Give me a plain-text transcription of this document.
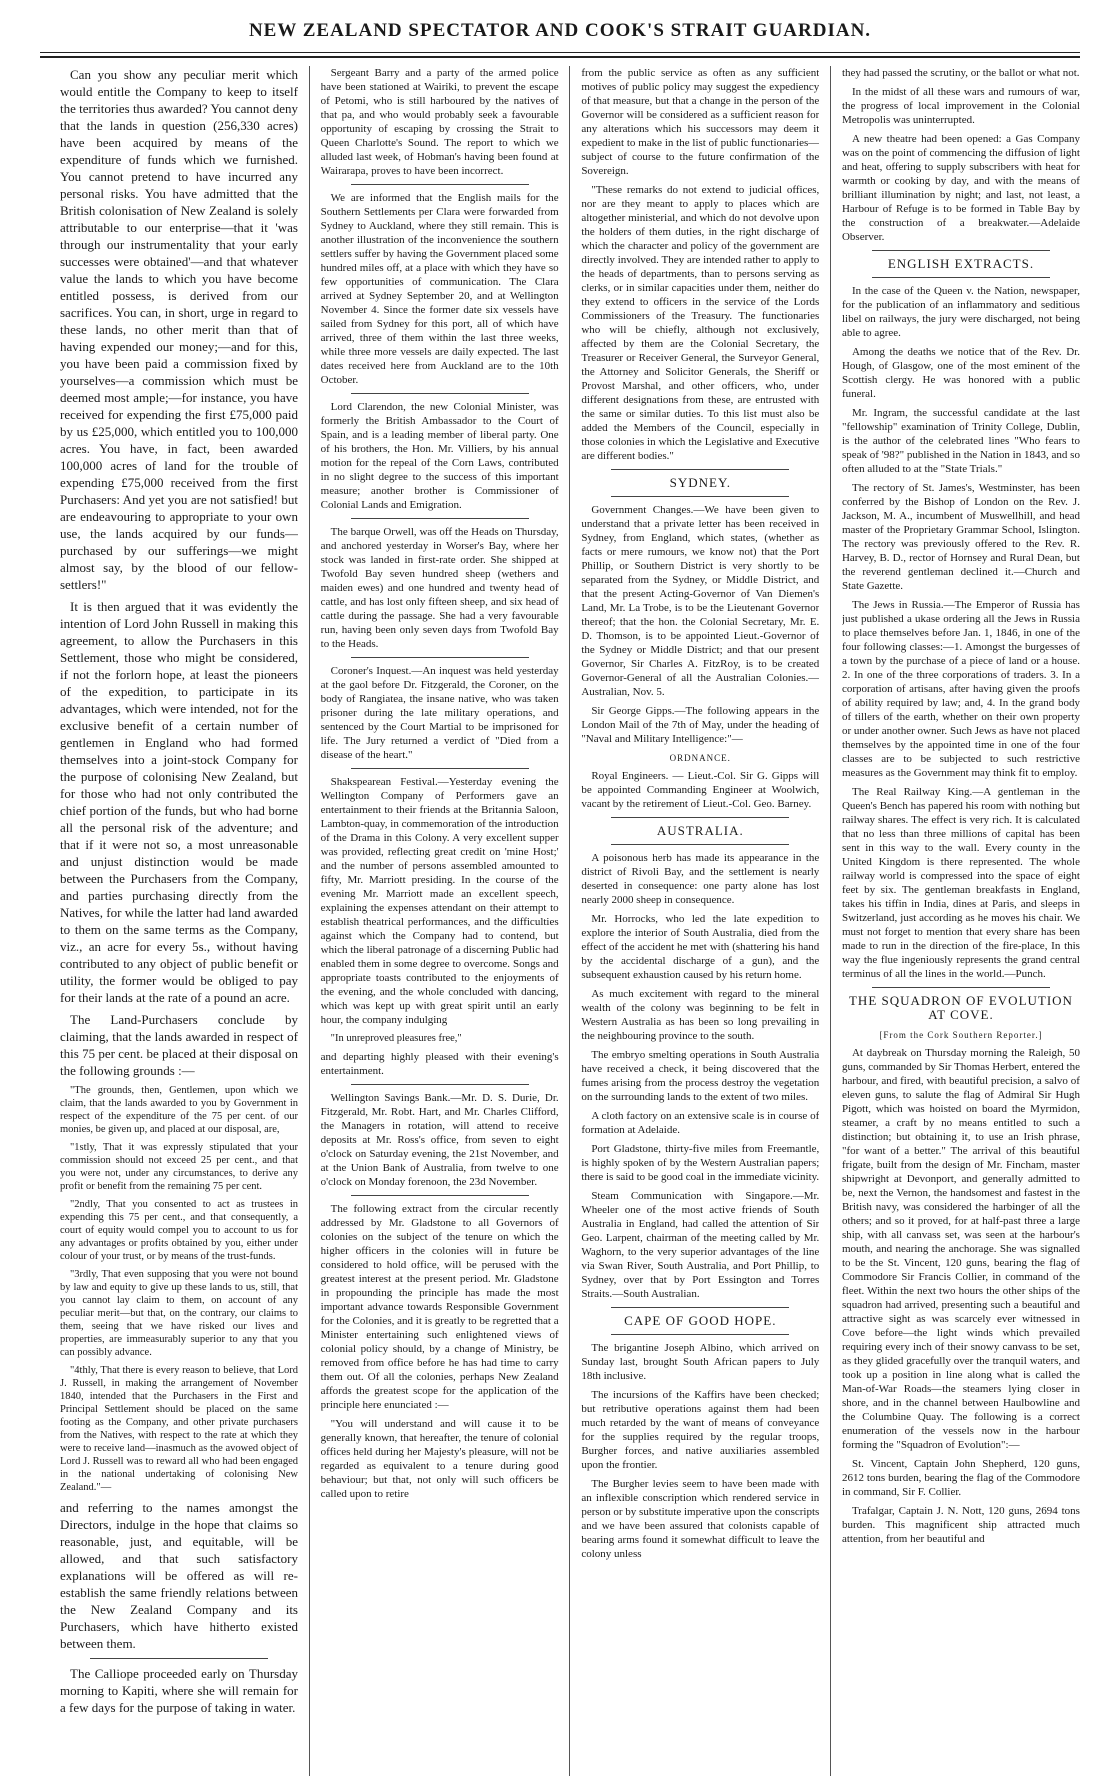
NEW ZEALAND SPECTATOR AND COOK'S STRAIT GUARDIAN.

Can you show any peculiar merit which would entitle the Company to keep to itself the territories thus awarded? You cannot deny that the lands in question (256,330 acres) have been acquired by means of the expenditure of funds which we furnished. You cannot pretend to have incurred any personal risks. You have admitted that the British colonisation of New Zealand is solely attributable to our enterprise—that it 'was through our instrumentality that your early successes were obtained'—and that whatever value the lands to which you have become entitled possess, is derived from our sacrifices. You can, in short, urge in regard to these lands, no other merit than that of having expended our money;—and for this, you have been paid a commission fixed by yourselves—a commission which must be deemed most ample;—for instance, you have received for expending the first £75,000 paid by us £25,000, which entitled you to 100,000 acres. You have, in fact, been awarded 100,000 acres of land for the trouble of expending £75,000 received from the first Purchasers: And yet you are not satisfied! but are endeavouring to appropriate to your own use, the lands acquired by our funds—purchased by our sufferings—we might almost say, by the blood of our fellow-settlers!"

It is then argued that it was evidently the intention of Lord John Russell in making this agreement, to allow the Purchasers in this Settlement, those who might be considered, if not the forlorn hope, at least the pioneers of the expedition, to participate in its advantages, which were intended, not for the exclusive benefit of a certain number of gentlemen in England who had formed themselves into a joint-stock Company for the purpose of colonising New Zealand, but for those who had not only contributed the chief portion of the funds, but who had borne all the personal risk of the adventure; and that if it were not so, a most unreasonable and unjust distinction would be made between the Purchasers from the Company, and parties purchasing directly from the Natives, for while the latter had land awarded to them on the same terms as the Company, viz., an acre for every 5s., without having contributed to any object of public benefit or utility, the former would be obliged to pay for their lands at the rate of a pound an acre.

The Land-Purchasers conclude by claiming, that the lands awarded in respect of this 75 per cent. be placed at their disposal on the following grounds :—

"The grounds, then, Gentlemen, upon which we claim, that the lands awarded to you by Government in respect of the expenditure of the 75 per cent. of our monies, be given up, and placed at our disposal, are,

"1stly, That it was expressly stipulated that your commission should not exceed 25 per cent., and that you were not, under any circumstances, to derive any profit or benefit from the remaining 75 per cent.

"2ndly, That you consented to act as trustees in expending this 75 per cent., and that consequently, a court of equity would compel you to account to us for any advantages or profits obtained by you, either under colour of your trust, or by means of the trust-funds.

"3rdly, That even supposing that you were not bound by law and equity to give up these lands to us, still, that you cannot lay claim to them, on account of any peculiar merit—but that, on the contrary, our claims to them, seeing that we have risked our lives and properties, are immeasurably superior to any that you can possibly advance.

"4thly, That there is every reason to believe, that Lord J. Russell, in making the arrangement of November 1840, intended that the Purchasers in the First and Principal Settlement should be placed on the same footing as the Company, and other private purchasers from the Natives, with respect to the rate at which they were to receive land—inasmuch as the avowed object of Lord J. Russell was to reward all who had been engaged in the national undertaking of colonising New Zealand."—

and referring to the names amongst the Directors, indulge in the hope that claims so reasonable, just, and equitable, will be allowed, and that such satisfactory explanations will be offered as will re-establish the same friendly relations between the New Zealand Company and its Purchasers, which have hitherto existed between them.

The Calliope proceeded early on Thursday morning to Kapiti, where she will remain for a few days for the purpose of taking in water.

Sergeant Barry and a party of the armed police have been stationed at Wairiki, to prevent the escape of Petomi, who is still harboured by the natives of that pa, and who would probably seek a favourable opportunity of escaping by crossing the Strait to Queen Charlotte's Sound. The report to which we alluded last week, of Hobman's having been found at Wairarapa, proves to have been incorrect.

We are informed that the English mails for the Southern Settlements per Clara were forwarded from Sydney to Auckland, where they still remain. This is another illustration of the inconvenience the southern settlers suffer by having the Government placed some hundred miles off, at a place with which they have so few opportunities of communication. The Clara arrived at Sydney September 20, and at Wellington November 4. Since the former date six vessels have sailed from Sydney for this port, all of which have arrived, three of them within the last three weeks, while three more vessels are daily expected. The last dates received here from Auckland are to the 10th October.

Lord Clarendon, the new Colonial Minister, was formerly the British Ambassador to the Court of Spain, and is a leading member of liberal party. One of his brothers, the Hon. Mr. Villiers, by his annual motion for the repeal of the Corn Laws, contributed in no slight degree to the success of this important measure; another brother is Commissioner of Colonial Lands and Emigration.

The barque Orwell, was off the Heads on Thursday, and anchored yesterday in Worser's Bay, where her stock was landed in first-rate order. She shipped at Twofold Bay seven hundred sheep (wethers and maiden ewes) and one hundred and twenty head of cattle, and has lost only fifteen sheep, and six head of cattle during the passage. She had a very favourable run, having been only seven days from Twofold Bay to the Heads.

Coroner's Inquest.—An inquest was held yesterday at the gaol before Dr. Fitzgerald, the Coroner, on the body of Rangiatea, the insane native, who was taken prisoner during the late military operations, and sentenced by the Court Martial to be imprisoned for life. The Jury returned a verdict of "Died from a disease of the heart."

Shakspearean Festival.—Yesterday evening the Wellington Company of Performers gave an entertainment to their friends at the Britannia Saloon, Lambton-quay, in commemoration of the introduction of the Drama in this Colony. A very excellent supper was provided, reflecting great credit on 'mine Host;' and the number of persons assembled amounted to fifty, Mr. Marriott presiding. In the course of the evening Mr. Marriott made an excellent speech, explaining the expenses attendant on their attempt to establish theatrical performances, and the difficulties against which the Company had to contend, but which the liberal patronage of a discerning Public had enabled them in some degree to overcome. Songs and appropriate toasts contributed to the enjoyments of the evening, and the whole concluded with dancing, which was kept up with great spirit until an early hour, the company indulging

"In unreproved pleasures free,"

and departing highly pleased with their evening's entertainment.

Wellington Savings Bank.—Mr. D. S. Durie, Dr. Fitzgerald, Mr. Robt. Hart, and Mr. Charles Clifford, the Managers in rotation, will attend to receive deposits at Mr. Ross's office, from seven to eight o'clock on Saturday evening, the 21st November, and at the Union Bank of Australia, from twelve to one o'clock on Monday forenoon, the 23d November.

The following extract from the circular recently addressed by Mr. Gladstone to all Governors of colonies on the subject of the tenure on which the higher officers in the colonies will in future be considered to hold office, will be perused with the greatest interest at the present period. Mr. Gladstone in propounding the principle has made the most important advance towards Responsible Government for the Colonies, and it is greatly to be regretted that a Minister entertaining such enlightened views of colonial policy should, by a change of Ministry, be removed from office before he has had time to carry them out. Of all the colonies, perhaps New Zealand affords the greatest scope for the application of the principle here enunciated :—

"You will understand and will cause it to be generally known, that hereafter, the tenure of colonial offices held during her Majesty's pleasure, will not be regarded as equivalent to a tenure during good behaviour; but that, not only will such officers be called upon to retire

from the public service as often as any sufficient motives of public policy may suggest the expediency of that measure, but that a change in the person of the Governor will be considered as a sufficient reason for any alterations which his successors may deem it expedient to make in the list of public functionaries—subject of course to the future confirmation of the Sovereign.

"These remarks do not extend to judicial offices, nor are they meant to apply to places which are altogether ministerial, and which do not devolve upon the holders of them duties, in the right discharge of which the character and policy of the government are directly involved. They are intended rather to apply to the heads of departments, than to persons serving as clerks, or in similar capacities under them, neither do they extend to officers in the service of the Lords Commissioners of the Treasury. The functionaries who will be chiefly, although not exclusively, affected by them are the Colonial Secretary, the Treasurer or Receiver General, the Surveyor General, the Attorney and Solicitor Generals, the Sheriff or Provost Marshal, and other officers, who, under different designations from these, are entrusted with the same or similar duties. To this list must also be added the Members of the Council, especially in those colonies in which the Legislative and Executive are different bodies."

SYDNEY.

Government Changes.—We have been given to understand that a private letter has been received in Sydney, from England, which states, (whether as facts or mere rumours, we know not) that the Port Phillip, or Southern District is very shortly to be separated from the Sydney, or Middle District, and that the present Acting-Governor of Van Diemen's Land, Mr. La Trobe, is to be the Lieutenant Governor thereof; that the hon. the Colonial Secretary, Mr. E. D. Thomson, is to be appointed Lieut.-Governor of the Sydney or Middle District; and that our present Governor, Sir Charles A. FitzRoy, is to be created Governor-General of all the Australian Colonies.—Australian, Nov. 5.

Sir George Gipps.—The following appears in the London Mail of the 7th of May, under the heading of "Naval and Military Intelligence:"—

ORDNANCE.

Royal Engineers. — Lieut.-Col. Sir G. Gipps will be appointed Commanding Engineer at Woolwich, vacant by the retirement of Lieut.-Col. Geo. Barney.

AUSTRALIA.

A poisonous herb has made its appearance in the district of Rivoli Bay, and the settlement is nearly deserted in consequence: one party alone has lost nearly 2000 sheep in consequence.

Mr. Horrocks, who led the late expedition to explore the interior of South Australia, died from the effect of the accident he met with (shattering his hand by the accidental discharge of a gun), and the subsequent exhaustion caused by his return home.

As much excitement with regard to the mineral wealth of the colony was beginning to be felt in Western Australia as has been so long prevailing in the neighbouring province to the south.

The embryo smelting operations in South Australia have received a check, it being discovered that the fumes arising from the process destroy the vegetation on the surrounding lands to the extent of two miles.

A cloth factory on an extensive scale is in course of formation at Adelaide.

Port Gladstone, thirty-five miles from Freemantle, is highly spoken of by the Western Australian papers; there is said to be good coal in the immediate vicinity.

Steam Communication with Singapore.—Mr. Wheeler one of the most active friends of South Australia in England, had called the attention of Sir Geo. Larpent, chairman of the meeting called by Mr. Waghorn, to the very superior advantages of the line via Swan River, South Australia, and Port Phillip, to Sydney, over that by Port Essington and Torres Straits.—South Australian.

CAPE OF GOOD HOPE.

The brigantine Joseph Albino, which arrived on Sunday last, brought South African papers to July 18th inclusive.

The incursions of the Kaffirs have been checked; but retributive operations against them had been much retarded by the want of means of conveyance for the supplies required by the regular troops, Burgher forces, and native auxiliaries assembled upon the frontier.

The Burgher levies seem to have been made with an inflexible conscription which rendered service in person or by substitute imperative upon the conscripts and we have been assured that colonists capable of bearing arms found it somewhat difficult to leave the colony unless

they had passed the scrutiny, or the ballot or what not.

In the midst of all these wars and rumours of war, the progress of local improvement in the Colonial Metropolis was uninterrupted.

A new theatre had been opened: a Gas Company was on the point of commencing the diffusion of light and heat, offering to supply subscribers with heat for warmth or cooking by day, and with the means of brilliant illumination by night; and last, not least, a Harbour of Refuge is to be formed in Table Bay by the construction of a breakwater.—Adelaide Observer.

ENGLISH EXTRACTS.

In the case of the Queen v. the Nation, newspaper, for the publication of an inflammatory and seditious libel on railways, the jury were discharged, not being able to agree.

Among the deaths we notice that of the Rev. Dr. Hough, of Glasgow, one of the most eminent of the Scottish clergy. He was honored with a public funeral.

Mr. Ingram, the successful candidate at the last "fellowship" examination of Trinity College, Dublin, is the author of the celebrated lines "Who fears to speak of '98?" published in the Nation in 1843, and so often alluded to at the "State Trials."

The rectory of St. James's, Westminster, has been conferred by the Bishop of London on the Rev. J. Jackson, M. A., incumbent of Muswellhill, and head master of the Proprietary Grammar School, Islington. The rectory was previously offered to the Rev. R. Harvey, B. D., rector of Hornsey and Rural Dean, but the reverend gentleman declined it.—Church and State Gazette.

The Jews in Russia.—The Emperor of Russia has just published a ukase ordering all the Jews in Russia to place themselves before Jan. 1, 1846, in one of the four following classes:—1. Amongst the burgesses of a town by the purchase of a piece of land or a house. 2. In one of the three corporations of traders. 3. In a corporation of artisans, after having given the proofs of ability required by law; and, 4. In the grand body of tillers of the earth, whether on their own property or under another owner. Such Jews as have not placed themselves by the appointed time in one of the four classes are to be subjected to such restrictive measures as the Government may think fit to employ.

The Real Railway King.—A gentleman in the Queen's Bench has papered his room with nothing but railway shares. The effect is very rich. It is calculated that no less than three millions of capital has been sent in this way to the wall. Every county in the United Kingdom is there represented. The whole railway world is compressed into the space of eight feet by six. The gentleman breakfasts in England, takes his tiffin in India, dines at Paris, and sleeps in Switzerland, just according as he moves his chair. We must not forget to mention that every share has been made to run in the direction of the fire-place, In this way the flue ingeniously represents the grand central terminus of all the lines in the world.—Punch.

THE SQUADRON OF EVOLUTION AT COVE.
[From the Cork Southern Reporter.]

At daybreak on Thursday morning the Raleigh, 50 guns, commanded by Sir Thomas Herbert, entered the harbour, and fired, with beautiful precision, a salvo of eleven guns, to salute the flag of Admiral Sir Hugh Pigott, which was hoisted on board the Myrmidon, steamer, a craft by no means entitled to such a distinction; but obtaining it, to use an Irish phrase, "for want of a better." The arrival of this beautiful frigate, built from the design of Mr. Fincham, master shipwright at Devonport, and generally admitted to be, next the Vernon, the handsomest and fastest in the British navy, was considered the harbinger of all the others; and so it proved, for at half-past three a large ship, with all canvass set, was seen at the harbour's mouth, and nearing the anchorage. She was signalled to be the St. Vincent, 120 guns, bearing the flag of Commodore Sir Francis Collier, in command of the fleet. Within the next two hours the other ships of the squadron had arrived, presenting such a beautiful and attractive sight as was scarcely ever witnessed in Cove before—the light winds which prevailed requiring every inch of their snowy canvass to be set, as they glided gracefully over the tranquil waters, and took up a position in line along what is called the Man-of-War Roads—the steamers lying closer in shore, and in the channel between Haulbowline and the Columbine Quay. The following is a correct enumeration of the vessels now in the harbour forming the "Squadron of Evolution":—

St. Vincent, Captain John Shepherd, 120 guns, 2612 tons burden, bearing the flag of the Commodore in command, Sir F. Collier.

Trafalgar, Captain J. N. Nott, 120 guns, 2694 tons burden. This magnificent ship attracted much attention, from her beautiful and
